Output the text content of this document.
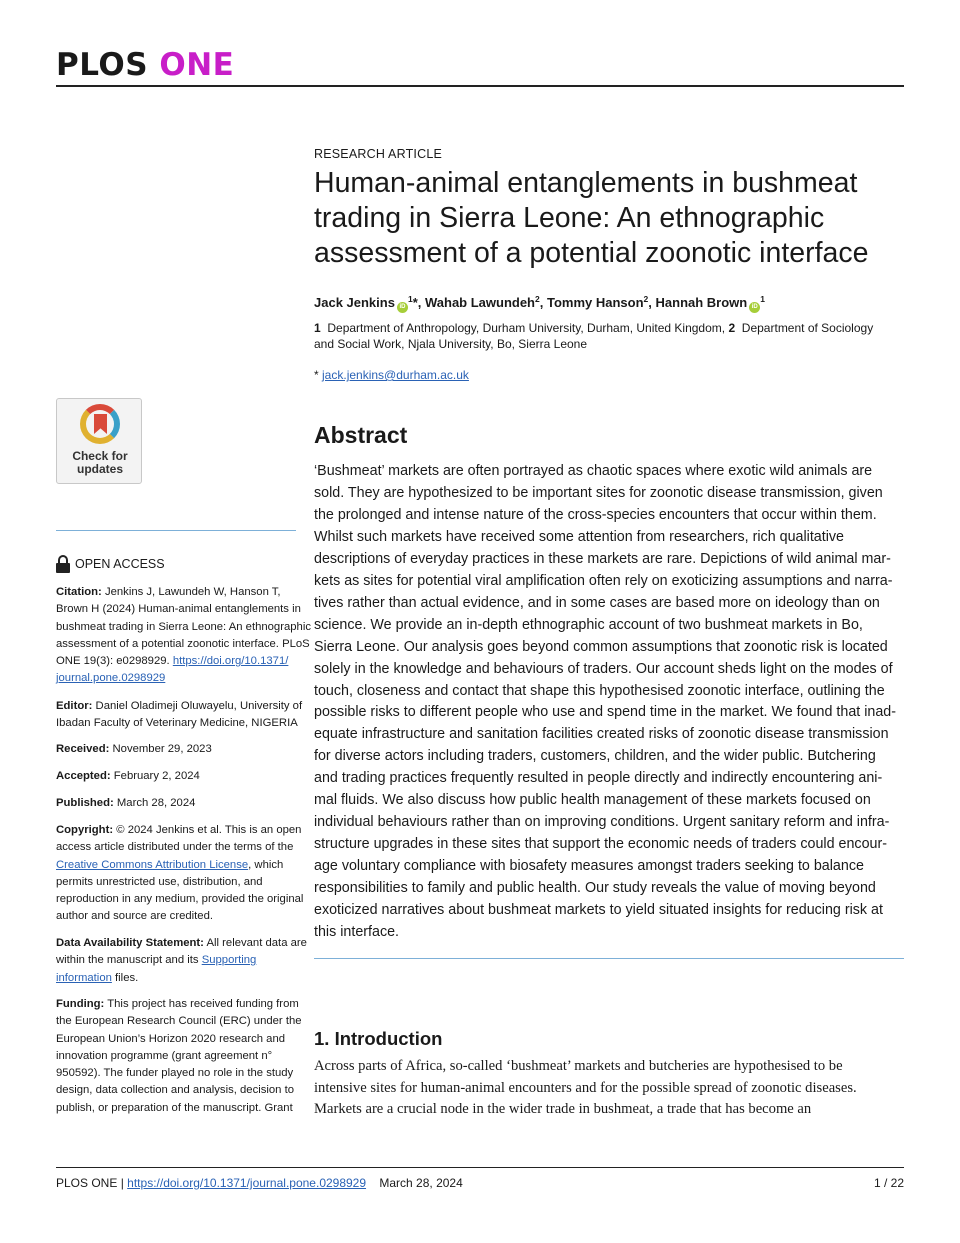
PLOS ONE
RESEARCH ARTICLE
Human-animal entanglements in bushmeat
trading in Sierra Leone: An ethnographic
assessment of a potential zoonotic interface
Jack Jenkins $iD^1*$, Wahab Lawundeh$^2$, Tommy Hanson$^2$, Hannah Brown $iD^1$
1 Department of Anthropology, Durham University, Durham, United Kingdom, 2 Department of Sociology
and Social Work, Njala University, Bo, Sierra Leone
* jack.jenkins@durham.ac.uk
Check for
updates
OPEN ACCESS
Citation: Jenkins J, Lawundeh W, Hanson T,
Brown H (2024) Human-animal entanglements in
bushmeat trading in Sierra Leone: An ethnographic
assessment of a potential zoonotic interface. PLoS
ONE 19(3): e0298929. https://doi.org/10.1371/
journal.pone.0298929
Editor: Daniel Oladimeji Oluwayelu, University of
Ibadan Faculty of Veterinary Medicine, NIGERIA
Received: November 29, 2023
Accepted: February 2, 2024
Published: March 28, 2024
Copyright: © 2024 Jenkins et al. This is an open
access article distributed under the terms of the
Creative Commons Attribution License, which
permits unrestricted use, distribution, and
reproduction in any medium, provided the original
author and source are credited.
Data Availability Statement: All relevant data are
within the manuscript and its Supporting
information files.
Funding: This project has received funding from
the European Research Council (ERC) under the
European Union’s Horizon 2020 research and
innovation programme (grant agreement n°
950592). The funder played no role in the study
design, data collection and analysis, decision to
publish, or preparation of the manuscript. Grant
Abstract
‘Bushmeat’ markets are often portrayed as chaotic spaces where exotic wild animals are
sold. They are hypothesized to be important sites for zoonotic disease transmission, given
the prolonged and intense nature of the cross-species encounters that occur within them.
Whilst such markets have received some attention from researchers, rich qualitative
descriptions of everyday practices in these markets are rare. Depictions of wild animal mar-
kets as sites for potential viral amplification often rely on exoticizing assumptions and narra-
tives rather than actual evidence, and in some cases are based more on ideology than on
science. We provide an in-depth ethnographic account of two bushmeat markets in Bo,
Sierra Leone. Our analysis goes beyond common assumptions that zoonotic risk is located
solely in the knowledge and behaviours of traders. Our account sheds light on the modes of
touch, closeness and contact that shape this hypothesised zoonotic interface, outlining the
possible risks to different people who use and spend time in the market. We found that inad-
equate infrastructure and sanitation facilities created risks of zoonotic disease transmission
for diverse actors including traders, customers, children, and the wider public. Butchering
and trading practices frequently resulted in people directly and indirectly encountering ani-
mal fluids. We also discuss how public health management of these markets focused on
individual behaviours rather than on improving conditions. Urgent sanitary reform and infra-
structure upgrades in these sites that support the economic needs of traders could encour-
age voluntary compliance with biosafety measures amongst traders seeking to balance
responsibilities to family and public health. Our study reveals the value of moving beyond
exoticized narratives about bushmeat markets to yield situated insights for reducing risk at
this interface.
1. Introduction
Across parts of Africa, so-called ‘bushmeat’ markets and butcheries are hypothesised to be
intensive sites for human-animal encounters and for the possible spread of zoonotic diseases.
Markets are a crucial node in the wider trade in bushmeat, a trade that has become an
PLOS ONE | https://doi.org/10.1371/journal.pone.0298929 March 28, 2024	1 / 22
